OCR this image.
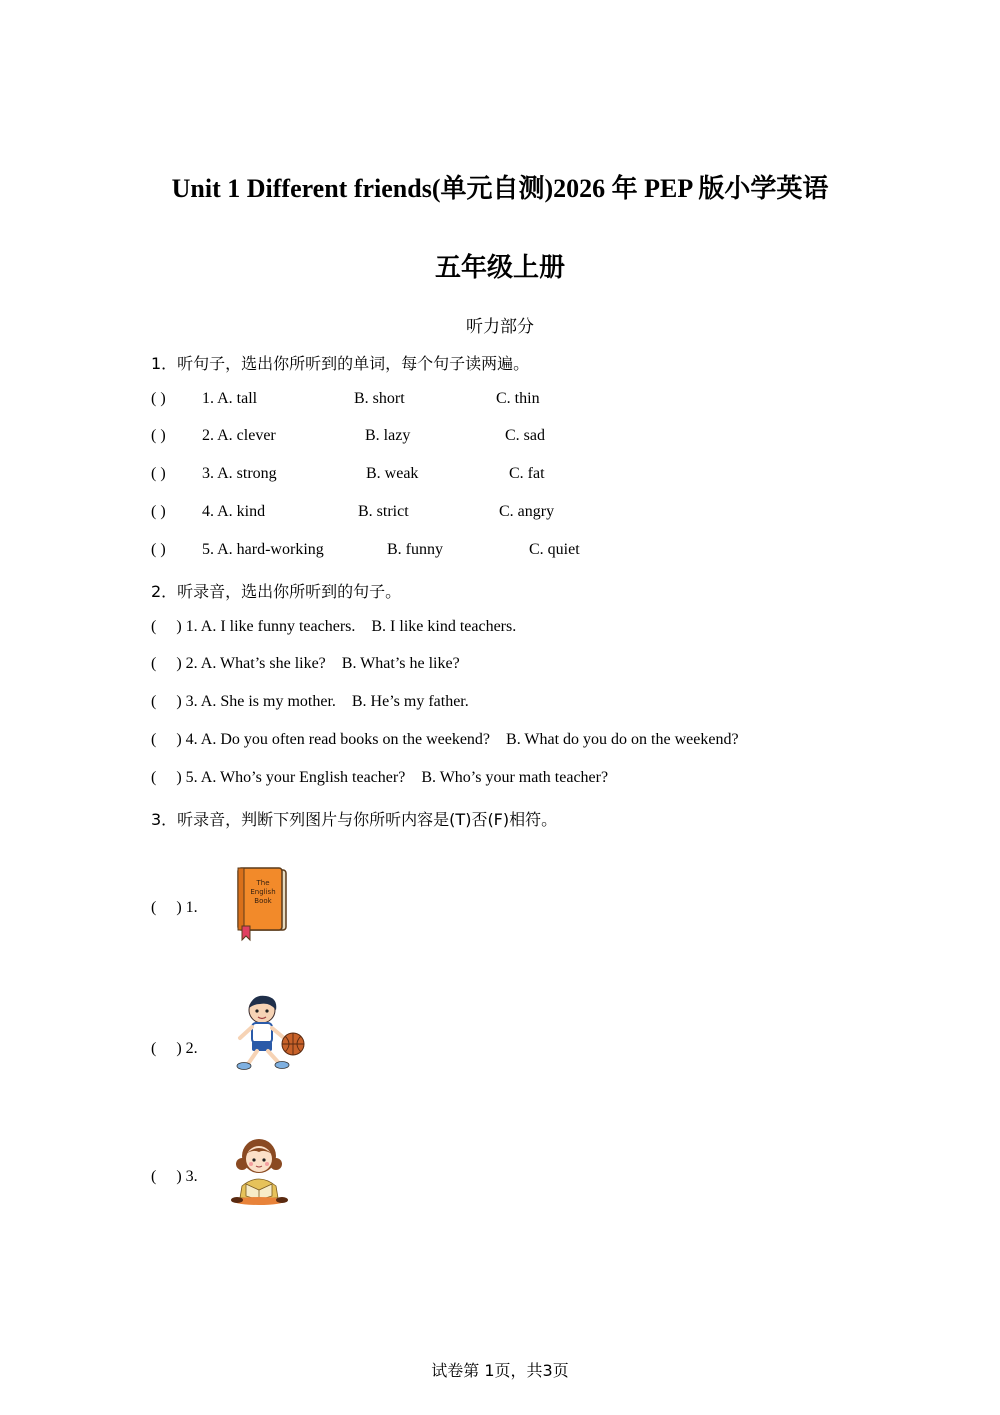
Unit 1 Different friends(单元自测)2026 年 PEP 版小学英语
五年级上册
听力部分
1．听句子，选出你所听到的单词，每个句子读两遍。
( ) 1. A. tall	B. short	C. thin
( ) 2. A. clever	B. lazy	C. sad
( ) 3. A. strong	B. weak	C. fat
( ) 4. A. kind	B. strict	C. angry
( ) 5. A. hard-working	B. funny	C. quiet
2．听录音，选出你所听到的句子。
(     ) 1. A. I like funny teachers.    B. I like kind teachers.
(     ) 2. A. What’s she like?    B. What’s he like?
(     ) 3. A. She is my mother.    B. He’s my father.
(     ) 4. A. Do you often read books on the weekend?    B. What do you do on the weekend?
(     ) 5. A. Who’s your English teacher?    B. Who’s your math teacher?
3．听录音，判断下列图片与你所听内容是(T)否(F)相符。
(     ) 1.
The
English
Book
(     ) 2.
(     ) 3.
试卷第 1页，共3页
